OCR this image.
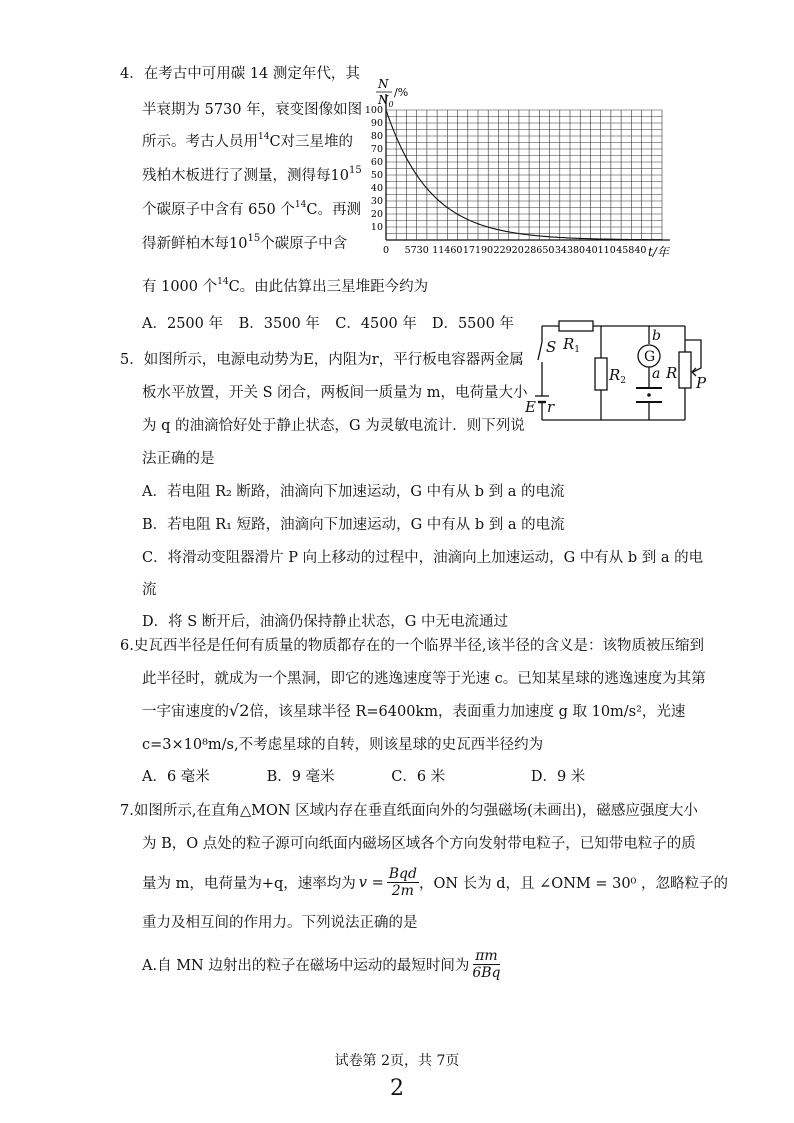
4．在考古中可用碳 14 测定年代，其
半衰期为 5730 年，衰变图像如图
所示。考古人员用$^{14}$C对三星堆的
残柏木板进行了测量，测得每$10^{15}$
个碳原子中含有 650 个$^{14}$C。再测
得新鲜柏木每$10^{15}$个碳原子中含
有 1000 个$^{14}$C。由此估算出三星堆距今约为
A．2500 年 B．3500 年 C．4500 年 D．5500 年
100
90
80
70
60
50
40
30
20
10
0 5730 11460 17190 22920 28650 34380 40110 45840
N
$N_0$
/%
t/年
5．如图所示，电源电动势为E，内阻为r，平行板电容器两金属
板水平放置，开关 S 闭合，两板间一质量为 m，电荷量大小
为 q 的油滴恰好处于静止状态，G 为灵敏电流计．则下列说
法正确的是
A．若电阻 R₂ 断路，油滴向下加速运动，G 中有从 b 到 a 的电流
B．若电阻 R₁ 短路，油滴向下加速运动，G 中有从 b 到 a 的电流
C．将滑动变阻器滑片 P 向上移动的过程中，油滴向上加速运动，G 中有从 b 到 a 的电
流
D．将 S 断开后，油滴仍保持静止状态，G 中无电流通过
S $R_1$
$R_2$
G
b
a R
P
E r
6.史瓦西半径是任何有质量的物质都存在的一个临界半径,该半径的含义是：该物质被压缩到
此半径时，就成为一个黑洞，即它的逃逸速度等于光速 c。已知某星球的逃逸速度为其第
一宇宙速度的√2倍，该星球半径 R=6400km，表面重力加速度 g 取 10m/s²，光速
c=3×10⁸m/s,不考虑星球的自转，则该星球的史瓦西半径约为
A．6 毫米	B．9 毫米	C．6 米	D．9 米
7.如图所示,在直角△MON 区域内存在垂直纸面向外的匀强磁场(未画出)，磁感应强度大小
为 B，O 点处的粒子源可向纸面内磁场区域各个方向发射带电粒子，已知带电粒子的质
量为 m，电荷量为+q，速率均为 v =
Bqd
2m ，ON 长为 d，且 ∠ONM = 30⁰ ，忽略粒子的
重力及相互间的作用力。下列说法正确的是
A.自 MN 边射出的粒子在磁场中运动的最短时间为
πm
6Bq
试卷第 2页，共 7页
2
